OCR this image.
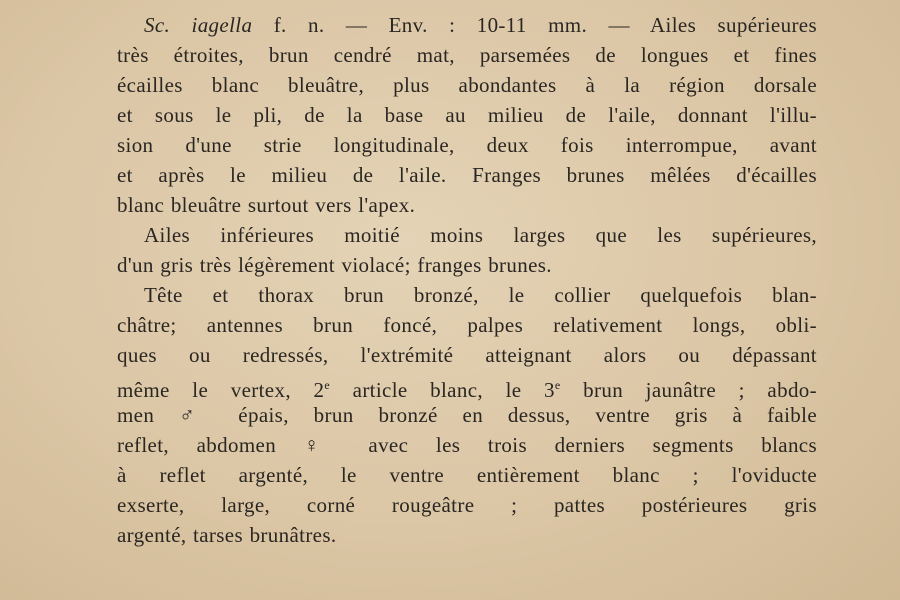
Sc. iagella f. n. — Env. : 10-11 mm. — Ailes supérieures
très étroites, brun cendré mat, parsemées de longues et fines
écailles blanc bleuâtre, plus abondantes à la région dorsale
et sous le pli, de la base au milieu de l'aile, donnant l'illu-
sion d'une strie longitudinale, deux fois interrompue, avant
et après le milieu de l'aile. Franges brunes mêlées d'écailles
blanc bleuâtre surtout vers l'apex.
Ailes inférieures moitié moins larges que les supérieures,
d'un gris très légèrement violacé; franges brunes.
Tête et thorax brun bronzé, le collier quelquefois blan-
châtre; antennes brun foncé, palpes relativement longs, obli-
ques ou redressés, l'extrémité atteignant alors ou dépassant
même le vertex, 2e article blanc, le 3e brun jaunâtre ; abdo-
men ♂ épais, brun bronzé en dessus, ventre gris à faible
reflet, abdomen ♀ avec les trois derniers segments blancs
à reflet argenté, le ventre entièrement blanc ; l'oviducte
exserte, large, corné rougeâtre ; pattes postérieures gris
argenté, tarses brunâtres.
